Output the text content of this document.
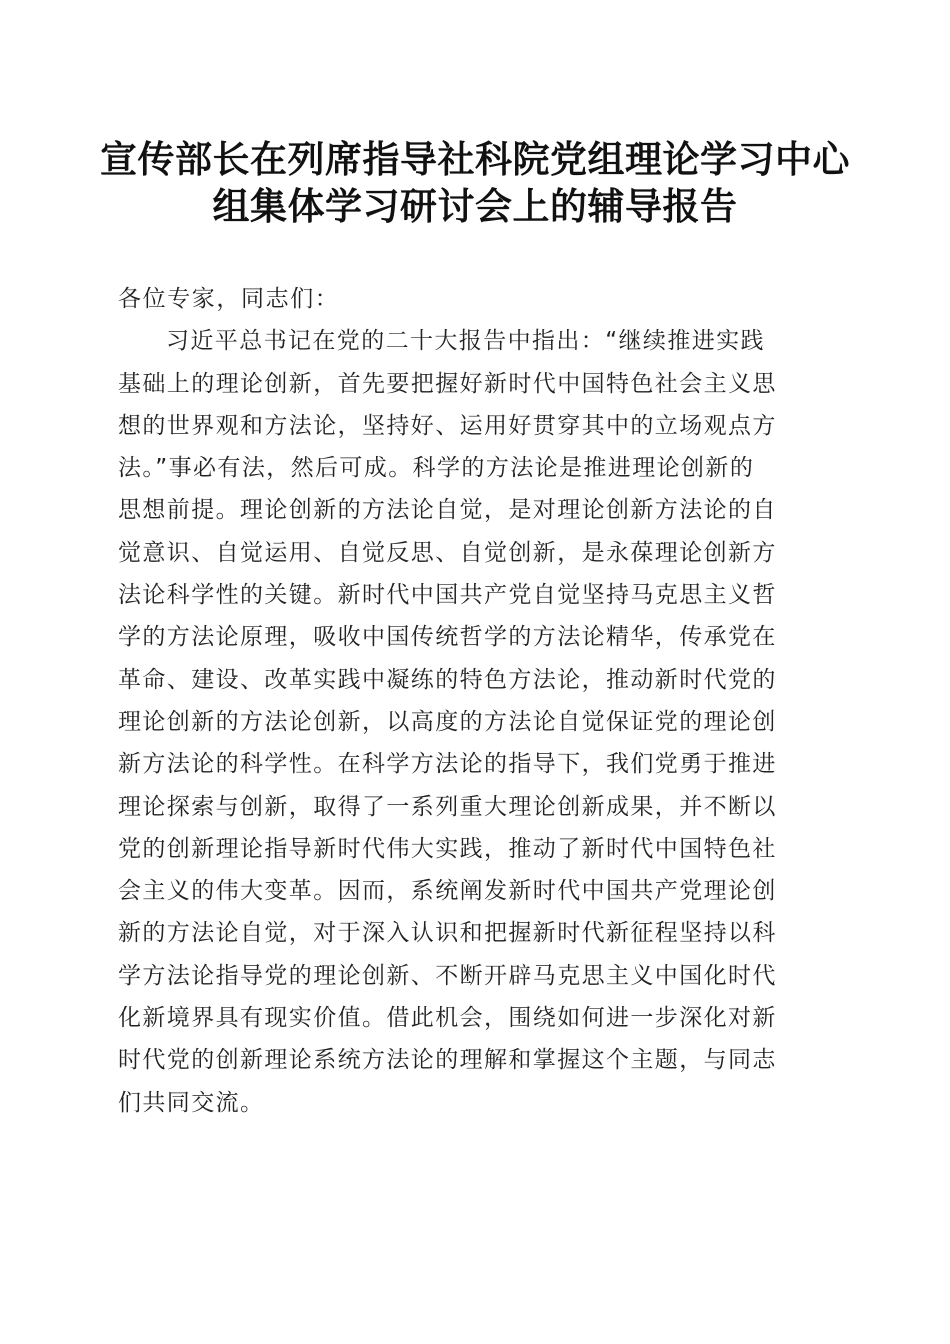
宣传部长在列席指导社科院党组理论学习中心
组集体学习研讨会上的辅导报告

各位专家，同志们：

习近平总书记在党的二十大报告中指出：“继续推进实践
基础上的理论创新，首先要把握好新时代中国特色社会主义思
想的世界观和方法论，坚持好、运用好贯穿其中的立场观点方
法。”事必有法，然后可成。科学的方法论是推进理论创新的
思想前提。理论创新的方法论自觉，是对理论创新方法论的自
觉意识、自觉运用、自觉反思、自觉创新，是永葆理论创新方
法论科学性的关键。新时代中国共产党自觉坚持马克思主义哲
学的方法论原理，吸收中国传统哲学的方法论精华，传承党在
革命、建设、改革实践中凝练的特色方法论，推动新时代党的
理论创新的方法论创新，以高度的方法论自觉保证党的理论创
新方法论的科学性。在科学方法论的指导下，我们党勇于推进
理论探索与创新，取得了一系列重大理论创新成果，并不断以
党的创新理论指导新时代伟大实践，推动了新时代中国特色社
会主义的伟大变革。因而，系统阐发新时代中国共产党理论创
新的方法论自觉，对于深入认识和把握新时代新征程坚持以科
学方法论指导党的理论创新、不断开辟马克思主义中国化时代
化新境界具有现实价值。借此机会，围绕如何进一步深化对新
时代党的创新理论系统方法论的理解和掌握这个主题，与同志
们共同交流。
